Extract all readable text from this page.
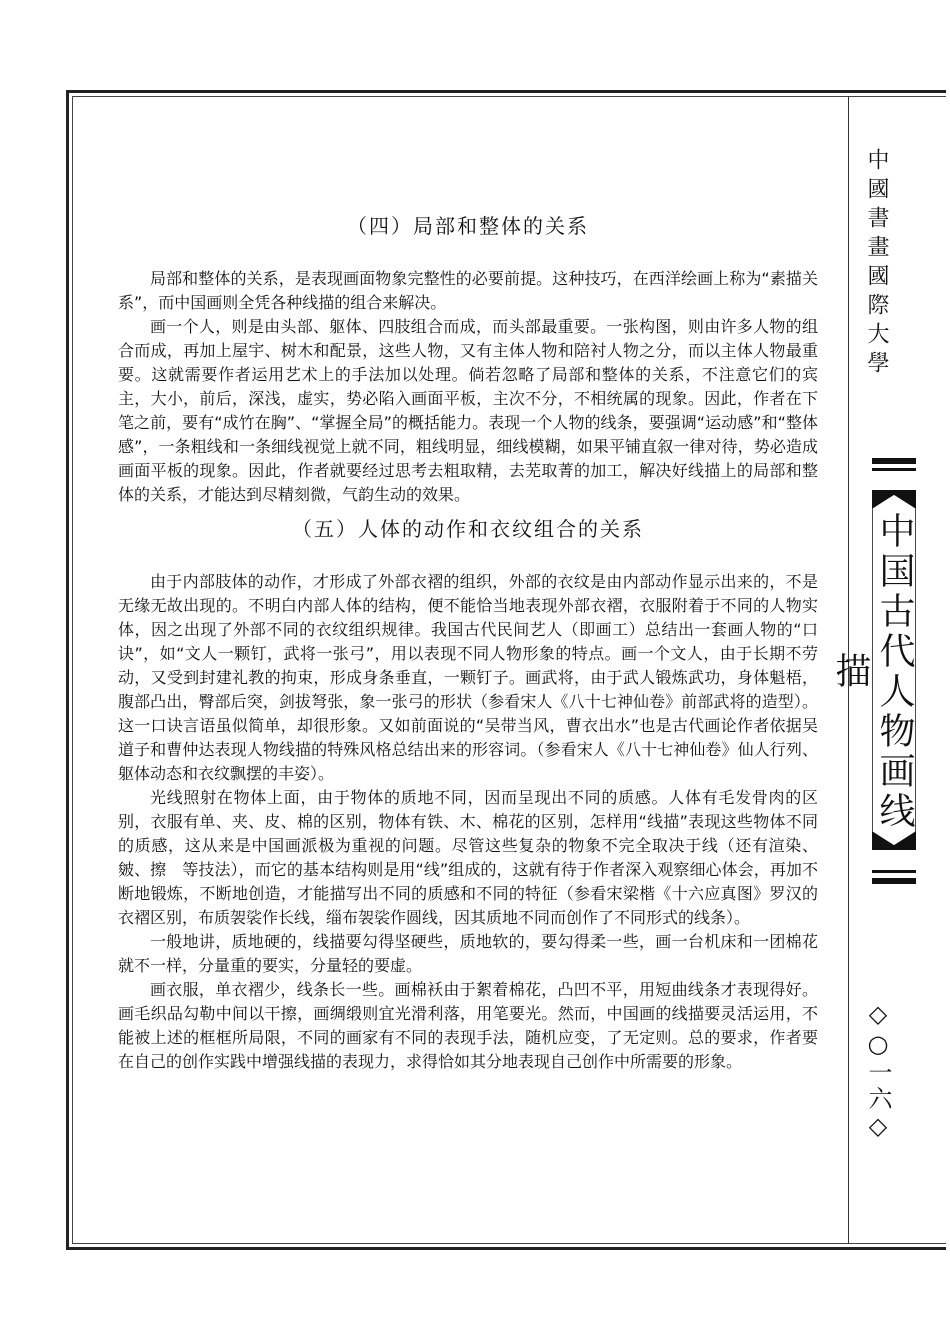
中國書畫國際大學
中国古代人物画线描
◇○一六◇
（四）局部和整体的关系

局部和整体的关系，是表现画面物象完整性的必要前提。这种技巧，在西洋绘画上称为“素描关系”，而中国画则全凭各种线描的组合来解决。

画一个人，则是由头部、躯体、四肢组合而成，而头部最重要。一张构图，则由许多人物的组合而成，再加上屋宇、树木和配景，这些人物，又有主体人物和陪衬人物之分，而以主体人物最重要。这就需要作者运用艺术上的手法加以处理。倘若忽略了局部和整体的关系，不注意它们的宾主，大小，前后，深浅，虚实，势必陷入画面平板，主次不分，不相统属的现象。因此，作者在下笔之前，要有“成竹在胸”、“掌握全局”的概括能力。表现一个人物的线条，要强调“运动感”和“整体感”，一条粗线和一条细线视觉上就不同，粗线明显，细线模糊，如果平铺直叙一律对待，势必造成画面平板的现象。因此，作者就要经过思考去粗取精，去芜取菁的加工，解决好线描上的局部和整体的关系，才能达到尽精刻微，气韵生动的效果。

（五）人体的动作和衣纹组合的关系

由于内部肢体的动作，才形成了外部衣褶的组织，外部的衣纹是由内部动作显示出来的，不是无缘无故出现的。不明白内部人体的结构，便不能恰当地表现外部衣褶，衣服附着于不同的人物实体，因之出现了外部不同的衣纹组织规律。我国古代民间艺人（即画工）总结出一套画人物的“口诀”，如“文人一颗钉，武将一张弓”，用以表现不同人物形象的特点。画一个文人，由于长期不劳动，又受到封建礼教的拘束，形成身条垂直，一颗钉子。画武将，由于武人锻炼武功，身体魁梧，腹部凸出，臀部后突，剑拔弩张，象一张弓的形状（参看宋人《八十七神仙卷》前部武将的造型）。这一口诀言语虽似简单，却很形象。又如前面说的“吴带当风，曹衣出水”也是古代画论作者依据吴道子和曹仲达表现人物线描的特殊风格总结出来的形容词。（参看宋人《八十七神仙卷》仙人行列、躯体动态和衣纹飘摆的丰姿）。

光线照射在物体上面，由于物体的质地不同，因而呈现出不同的质感。人体有毛发骨肉的区别，衣服有单、夹、皮、棉的区别，物体有铁、木、棉花的区别，怎样用“线描”表现这些物体不同的质感，这从来是中国画派极为重视的问题。尽管这些复杂的物象不完全取决于线（还有渲染、皴、擦　等技法），而它的基本结构则是用“线”组成的，这就有待于作者深入观察细心体会，再加不断地锻炼，不断地创造，才能描写出不同的质感和不同的特征（参看宋梁楷《十六应真图》罗汉的衣褶区别，布质袈裟作长线，缁布袈裟作圆线，因其质地不同而创作了不同形式的线条）。

一般地讲，质地硬的，线描要勾得坚硬些，质地软的，要勾得柔一些，画一台机床和一团棉花就不一样，分量重的要实，分量轻的要虚。

画衣服，单衣褶少，线条长一些。画棉袄由于絮着棉花，凸凹不平，用短曲线条才表现得好。画毛织品勾勒中间以干擦，画绸缎则宜光滑利落，用笔要光。然而，中国画的线描要灵活运用，不能被上述的框框所局限，不同的画家有不同的表现手法，随机应变，了无定则。总的要求，作者要在自己的创作实践中增强线描的表现力，求得恰如其分地表现自己创作中所需要的形象。
